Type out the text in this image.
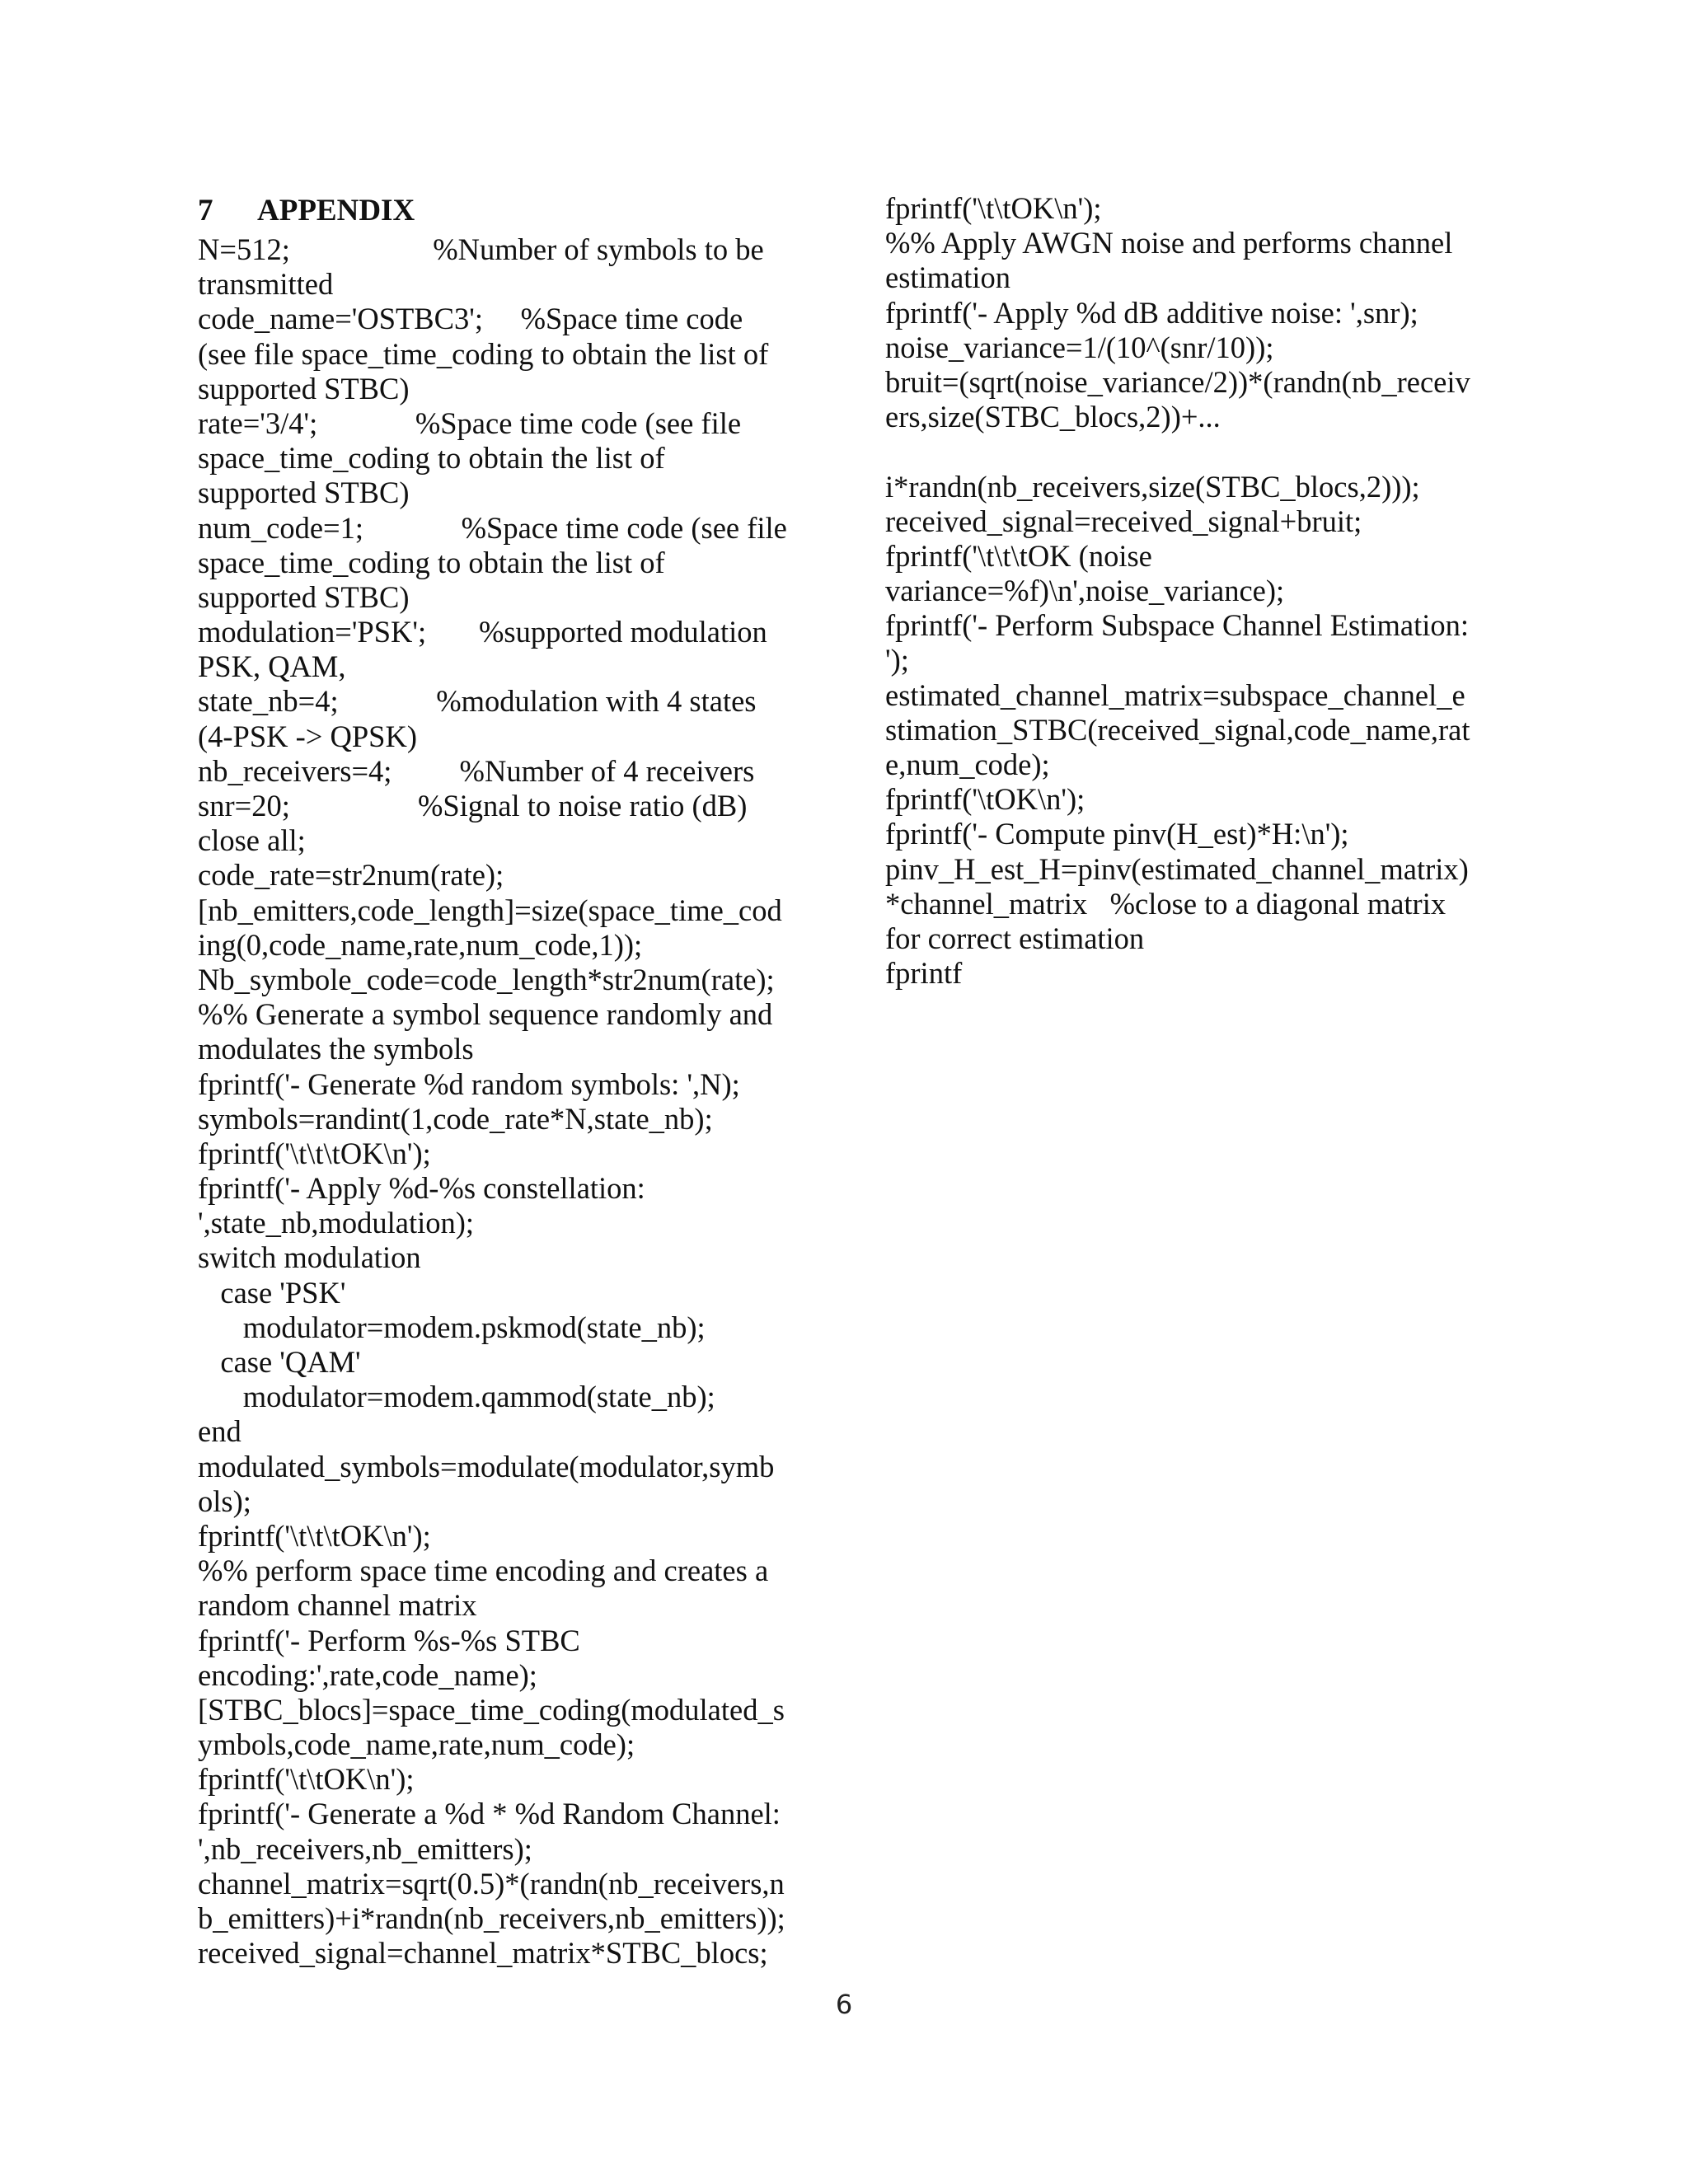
7 APPENDIX
N=512;                   %Number of symbols to be
transmitted
code_name='OSTBC3';     %Space time code
(see file space_time_coding to obtain the list of
supported STBC)
rate='3/4';             %Space time code (see file
space_time_coding to obtain the list of
supported STBC)
num_code=1;             %Space time code (see file
space_time_coding to obtain the list of
supported STBC)
modulation='PSK';       %supported modulation
PSK, QAM,
state_nb=4;             %modulation with 4 states
(4-PSK -> QPSK)
nb_receivers=4;         %Number of 4 receivers
snr=20;                 %Signal to noise ratio (dB)
close all;
code_rate=str2num(rate);
[nb_emitters,code_length]=size(space_time_cod
ing(0,code_name,rate,num_code,1));
Nb_symbole_code=code_length*str2num(rate);
%% Generate a symbol sequence randomly and
modulates the symbols
fprintf('- Generate %d random symbols: ',N);
symbols=randint(1,code_rate*N,state_nb);
fprintf('\t\t\tOK\n');
fprintf('- Apply %d-%s constellation:
',state_nb,modulation);
switch modulation
case 'PSK'
modulator=modem.pskmod(state_nb);
case 'QAM'
modulator=modem.qammod(state_nb);
end
modulated_symbols=modulate(modulator,symb
ols);
fprintf('\t\t\tOK\n');
%% perform space time encoding and creates a
random channel matrix
fprintf('- Perform %s-%s STBC
encoding:',rate,code_name);
[STBC_blocs]=space_time_coding(modulated_s
ymbols,code_name,rate,num_code);
fprintf('\t\tOK\n');
fprintf('- Generate a %d * %d Random Channel:
',nb_receivers,nb_emitters);
channel_matrix=sqrt(0.5)*(randn(nb_receivers,n
b_emitters)+i*randn(nb_receivers,nb_emitters));
received_signal=channel_matrix*STBC_blocs;
fprintf('\t\tOK\n');
%% Apply AWGN noise and performs channel
estimation
fprintf('- Apply %d dB additive noise: ',snr);
noise_variance=1/(10^(snr/10));
bruit=(sqrt(noise_variance/2))*(randn(nb_receiv
ers,size(STBC_blocs,2))+...
i*randn(nb_receivers,size(STBC_blocs,2)));
received_signal=received_signal+bruit;
fprintf('\t\t\tOK (noise
variance=%f)\n',noise_variance);
fprintf('- Perform Subspace Channel Estimation:
');
estimated_channel_matrix=subspace_channel_e
stimation_STBC(received_signal,code_name,rat
e,num_code);
fprintf('\tOK\n');
fprintf('- Compute pinv(H_est)*H:\n');
pinv_H_est_H=pinv(estimated_channel_matrix)
*channel_matrix   %close to a diagonal matrix
for correct estimation
fprintf
6
